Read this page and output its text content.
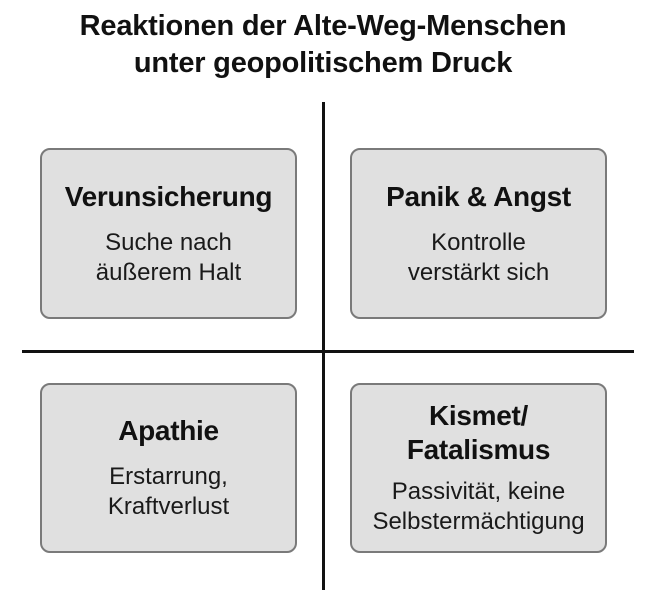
Reaktionen der Alte-Weg-Menschen
unter geopolitischem Druck
Verunsicherung
Suche nach
äußerem Halt
Panik & Angst
Kontrolle
verstärkt sich
Apathie
Erstarrung,
Kraftverlust
Kismet/
Fatalismus
Passivität, keine
Selbstermächtigung
